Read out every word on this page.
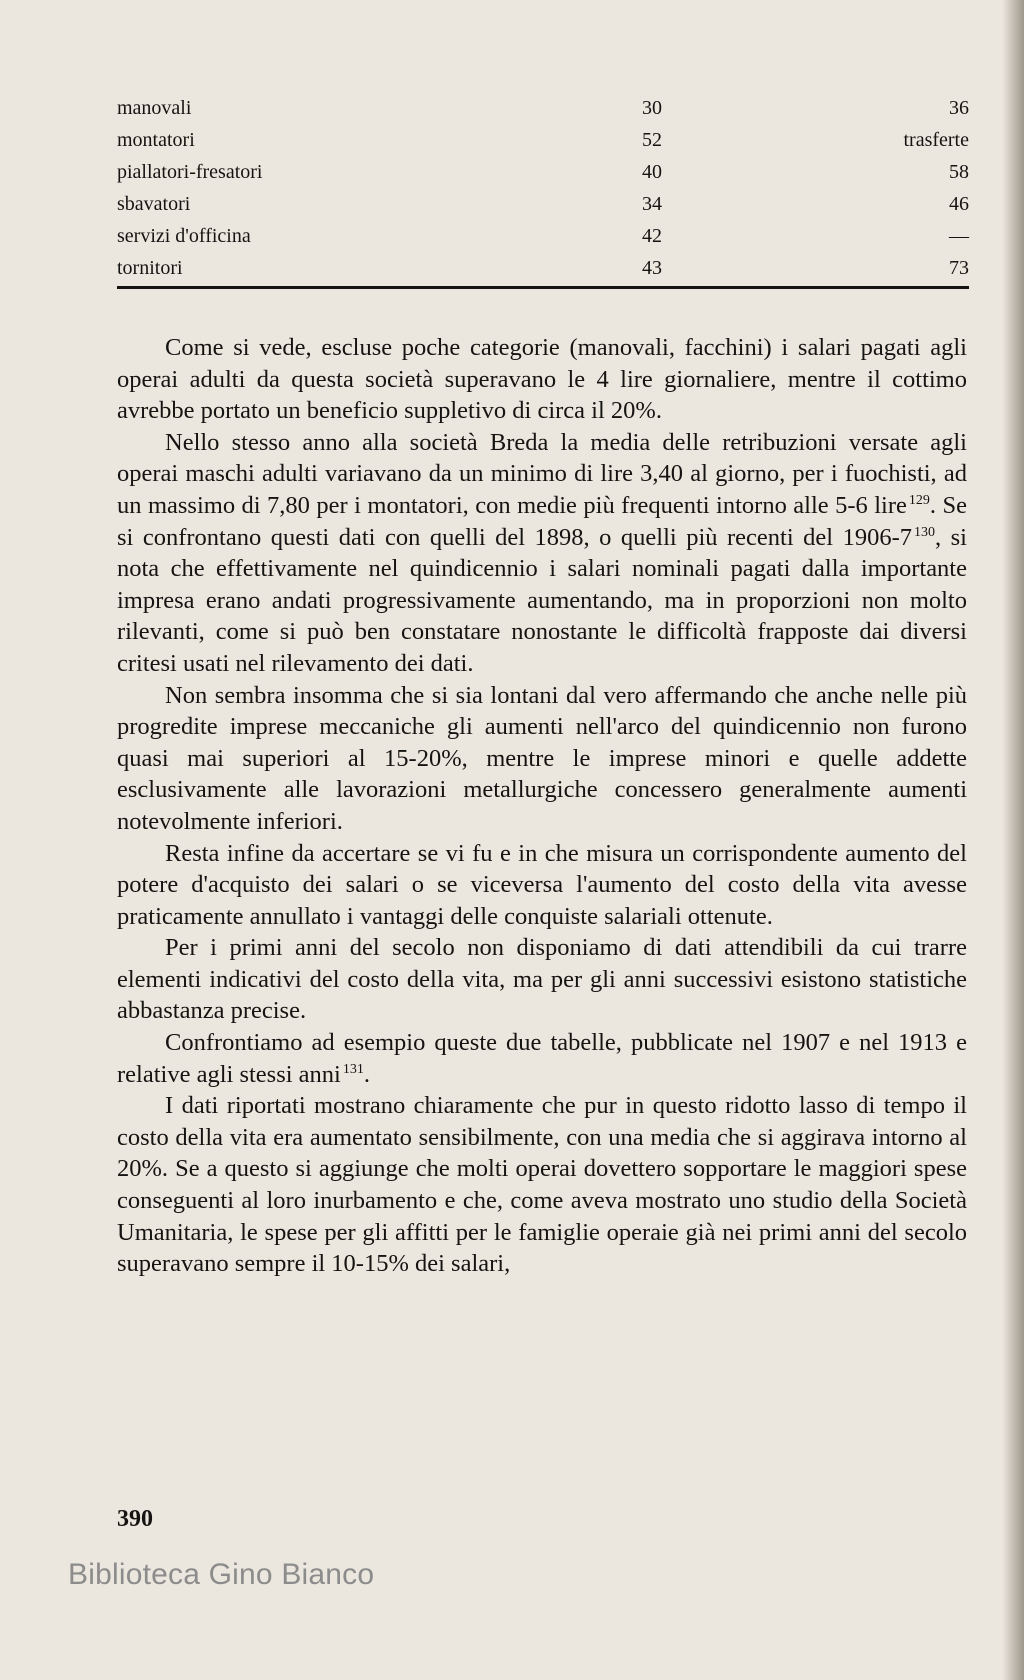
manovali	30	36
montatori	52	trasferte
piallatori-fresatori	40	58
sbavatori	34	46
servizi d'officina	42	—
tornitori	43	73

Come si vede, escluse poche categorie (manovali, facchini) i salari pagati agli operai adulti da questa società superavano le 4 lire giornaliere, mentre il cottimo avrebbe portato un beneficio suppletivo di circa il 20%.

Nello stesso anno alla società Breda la media delle retribuzioni versate agli operai maschi adulti variavano da un minimo di lire 3,40 al giorno, per i fuochisti, ad un massimo di 7,80 per i montatori, con medie più frequenti intorno alle 5-6 lire  $^{129}$. Se si confrontano questi dati con quelli del 1898, o quelli più recenti del 1906-7  $^{130}$, si nota che effettivamente nel quindicennio i salari nominali pagati dalla importante impresa erano andati progressivamente aumentando, ma in proporzioni non molto rilevanti, come si può ben constatare nonostante le difficoltà frapposte dai diversi critesi usati nel rilevamento dei dati.

Non sembra insomma che si sia lontani dal vero affermando che anche nelle più progredite imprese meccaniche gli aumenti nell'arco del quindicennio non furono quasi mai superiori al 15-20%, mentre le imprese minori e quelle addette esclusivamente alle lavorazioni metallurgiche concessero generalmente aumenti notevolmente inferiori.

Resta infine da accertare se vi fu e in che misura un corrispondente aumento del potere d'acquisto dei salari o se viceversa l'aumento del costo della vita avesse praticamente annullato i vantaggi delle conquiste salariali ottenute.

Per i primi anni del secolo non disponiamo di dati attendibili da cui trarre elementi indicativi del costo della vita, ma per gli anni successivi esistono statistiche abbastanza precise.

Confrontiamo ad esempio queste due tabelle, pubblicate nel 1907 e nel 1913 e relative agli stessi anni  $^{131}$.

I dati riportati mostrano chiaramente che pur in questo ridotto lasso di tempo il costo della vita era aumentato sensibilmente, con una media che si aggirava intorno al 20%. Se a questo si aggiunge che molti operai dovettero sopportare le maggiori spese conseguenti al loro inurbamento e che, come aveva mostrato uno studio della Società Umanitaria, le spese per gli affitti per le famiglie operaie già nei primi anni del secolo superavano sempre il 10-15% dei salari,

390
Biblioteca Gino Bianco
